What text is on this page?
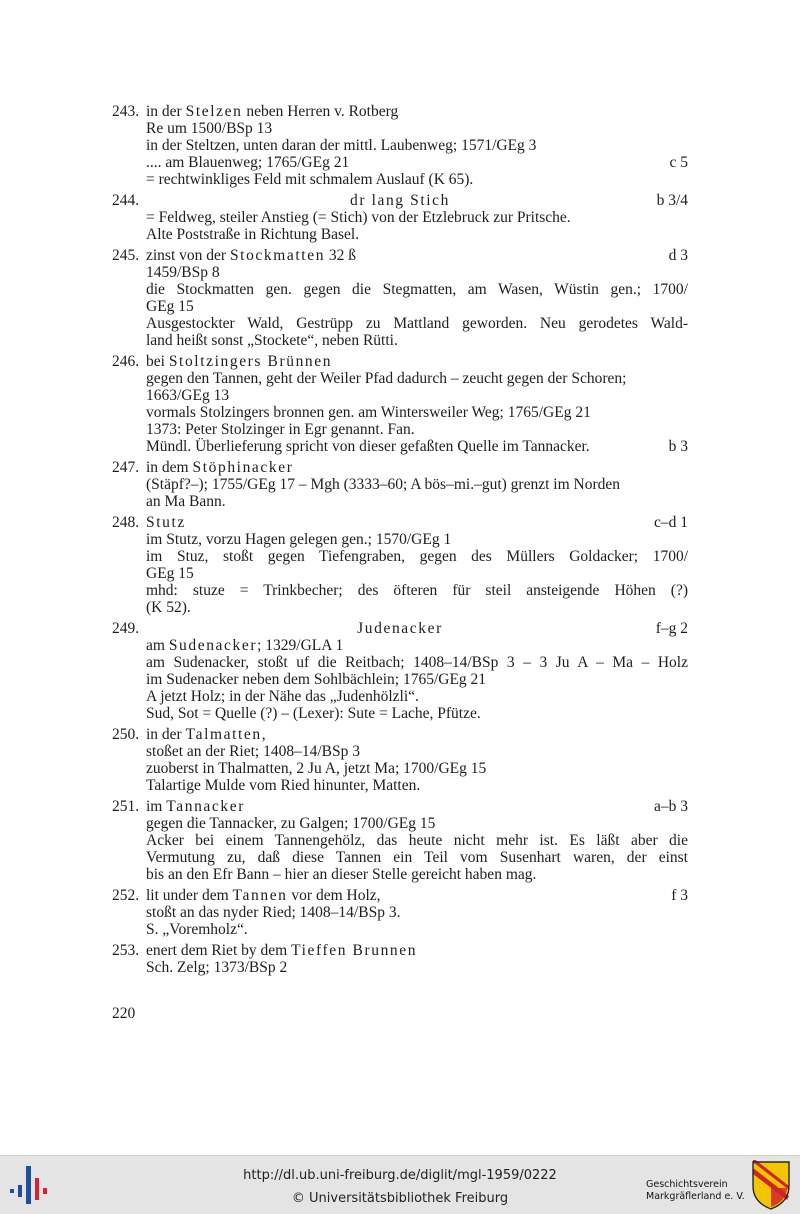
243. in der Stelzen neben Herren v. Rotberg
Re um 1500/BSp 13
in der Steltzen, unten daran der mittl. Laubenweg; 1571/GEg 3
.... am Blauenweg; 1765/GEg 21	c 5
= rechtwinkliges Feld mit schmalem Auslauf (K 65).
244.	dr lang Stich	b 3/4
= Feldweg, steiler Anstieg (= Stich) von der Etzlebruck zur Pritsche.
Alte Poststraße in Richtung Basel.
245. zinst von der Stockmatten 32 ß	d 3
1459/BSp 8
die Stockmatten gen. gegen die Stegmatten, am Wasen, Wüstin gen.; 1700/
GEg 15
Ausgestockter Wald, Gestrüpp zu Mattland geworden. Neu gerodetes Wald-
land heißt sonst „Stockete“, neben Rütti.
246. bei Stoltzingers Brünnen
gegen den Tannen, geht der Weiler Pfad dadurch – zeucht gegen der Schoren;
1663/GEg 13
vormals Stolzingers bronnen gen. am Wintersweiler Weg; 1765/GEg 21
1373: Peter Stolzinger in Egr genannt. Fan.
Mündl. Überlieferung spricht von dieser gefaßten Quelle im Tannacker.	b 3
247. in dem Stöphinacker
(Stäpf?–); 1755/GEg 17 – Mgh (3333–60; A bös–mi.–gut) grenzt im Norden
an Ma Bann.
248. Stutz	c–d 1
im Stutz, vorzu Hagen gelegen gen.; 1570/GEg 1
im Stuz, stoßt gegen Tiefengraben, gegen des Müllers Goldacker; 1700/
GEg 15
mhd: stuze = Trinkbecher; des öfteren für steil ansteigende Höhen (?)
(K 52).
249.	Judenacker	f–g 2
am Sudenacker; 1329/GLA 1
am Sudenacker, stoßt uf die Reitbach; 1408–14/BSp 3 – 3 Ju A – Ma – Holz
im Sudenacker neben dem Sohlbächlein; 1765/GEg 21
A jetzt Holz; in der Nähe das „Judenhölzli“.
Sud, Sot = Quelle (?) – (Lexer): Sute = Lache, Pfütze.
250. in der Talmatten,
stoßet an der Riet; 1408–14/BSp 3
zuoberst in Thalmatten, 2 Ju A, jetzt Ma; 1700/GEg 15
Talartige Mulde vom Ried hinunter, Matten.
251. im Tannacker	a–b 3
gegen die Tannacker, zu Galgen; 1700/GEg 15
Acker bei einem Tannengehölz, das heute nicht mehr ist. Es läßt aber die
Vermutung zu, daß diese Tannen ein Teil vom Susenhart waren, der einst
bis an den Efr Bann – hier an dieser Stelle gereicht haben mag.
252. lit under dem Tannen vor dem Holz,	f 3
stoßt an das nyder Ried; 1408–14/BSp 3.
S. „Voremholz“.
253. enert dem Riet by dem Tieffen Brunnen
Sch. Zelg; 1373/BSp 2
220
http://dl.ub.uni-freiburg.de/diglit/mgl-1959/0222
© Universitätsbibliothek Freiburg
Geschichtsverein
Markgräflerland e. V.
